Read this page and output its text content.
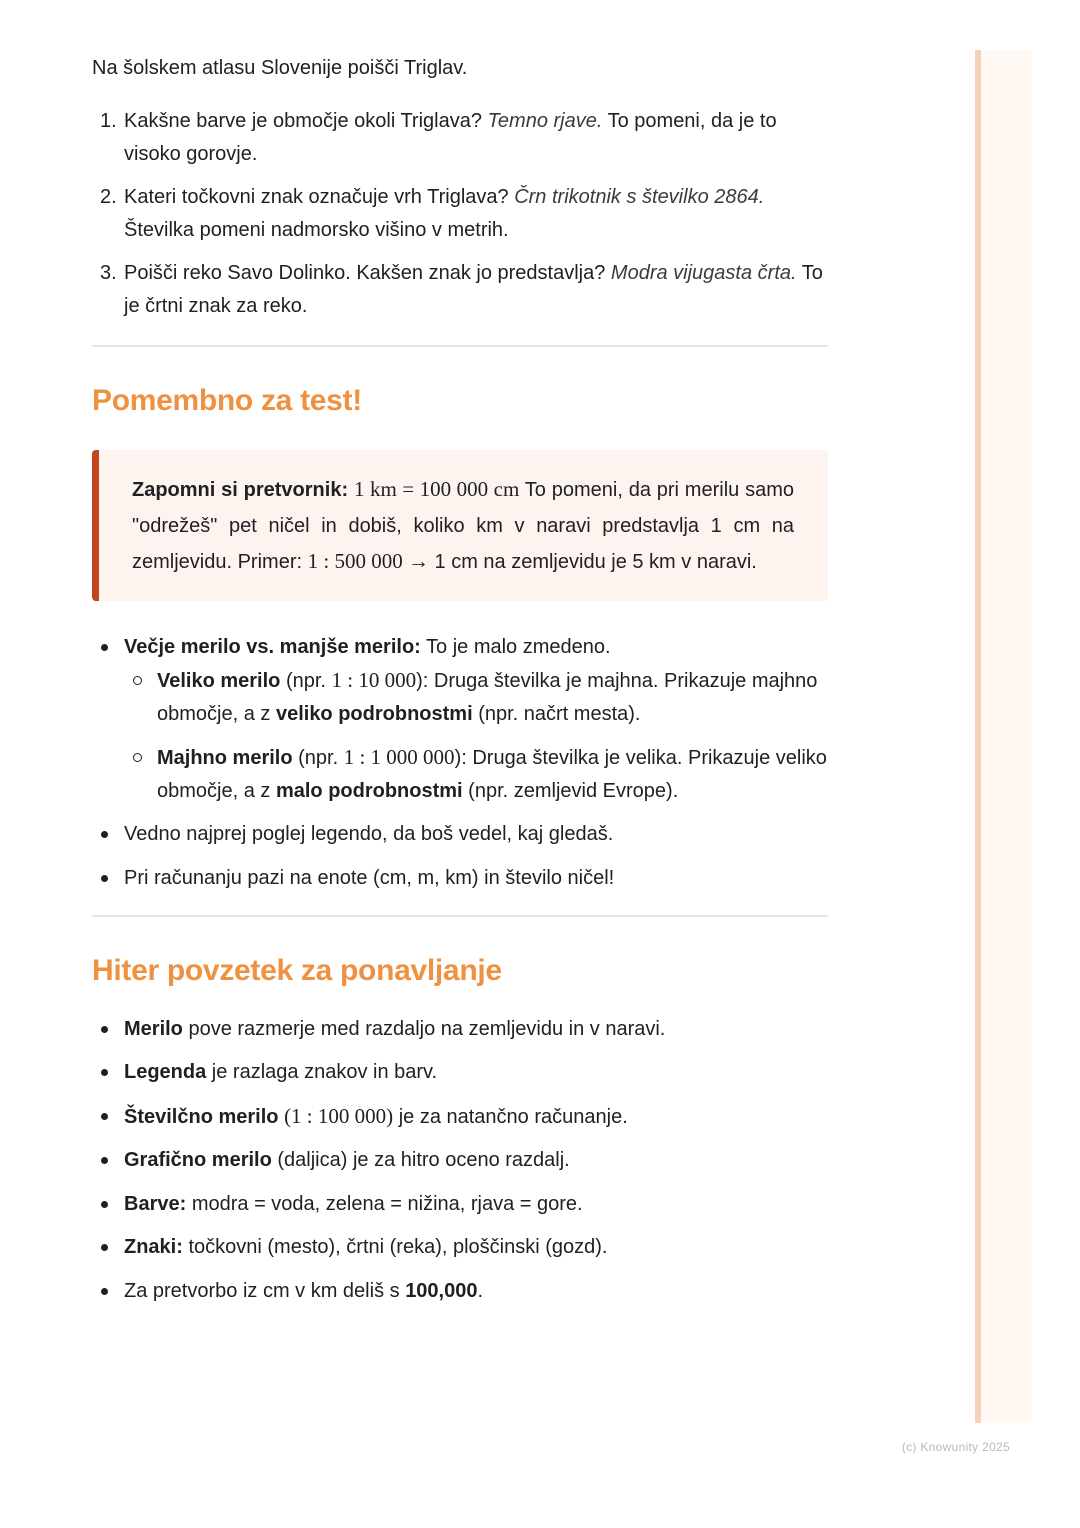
Na šolskem atlasu Slovenije poišči Triglav.

1. Kakšne barve je območje okoli Triglava? Temno rjave. To pomeni, da je to visoko gorovje.
2. Kateri točkovni znak označuje vrh Triglava? Črn trikotnik s številko 2864. Številka pomeni nadmorsko višino v metrih.
3. Poišči reko Savo Dolinko. Kakšen znak jo predstavlja? Modra vijugasta črta. To je črtni znak za reko.
Pomembno za test!
Zapomni si pretvornik: 1 km = 100 000 cm To pomeni, da pri merilu samo "odrežeš" pet ničel in dobiš, koliko km v naravi predstavlja 1 cm na zemljevidu. Primer: 1 : 500 000 → 1 cm na zemljevidu je 5 km v naravi.
Večje merilo vs. manjše merilo: To je malo zmedeno.
Veliko merilo (npr. 1 : 10 000): Druga številka je majhna. Prikazuje majhno območje, a z veliko podrobnostmi (npr. načrt mesta).
Majhno merilo (npr. 1 : 1 000 000): Druga številka je velika. Prikazuje veliko območje, a z malo podrobnostmi (npr. zemljevid Evrope).
Vedno najprej poglej legendo, da boš vedel, kaj gledaš.
Pri računanju pazi na enote (cm, m, km) in število ničel!
Hiter povzetek za ponavljanje
Merilo pove razmerje med razdaljo na zemljevidu in v naravi.
Legenda je razlaga znakov in barv.
Številčno merilo (1 : 100 000) je za natančno računanje.
Grafično merilo (daljica) je za hitro oceno razdalj.
Barve: modra = voda, zelena = nižina, rjava = gore.
Znaki: točkovni (mesto), črtni (reka), ploščinski (gozd).
Za pretvorbo iz cm v km deliš s 100,000.
(c) Knowunity 2025
